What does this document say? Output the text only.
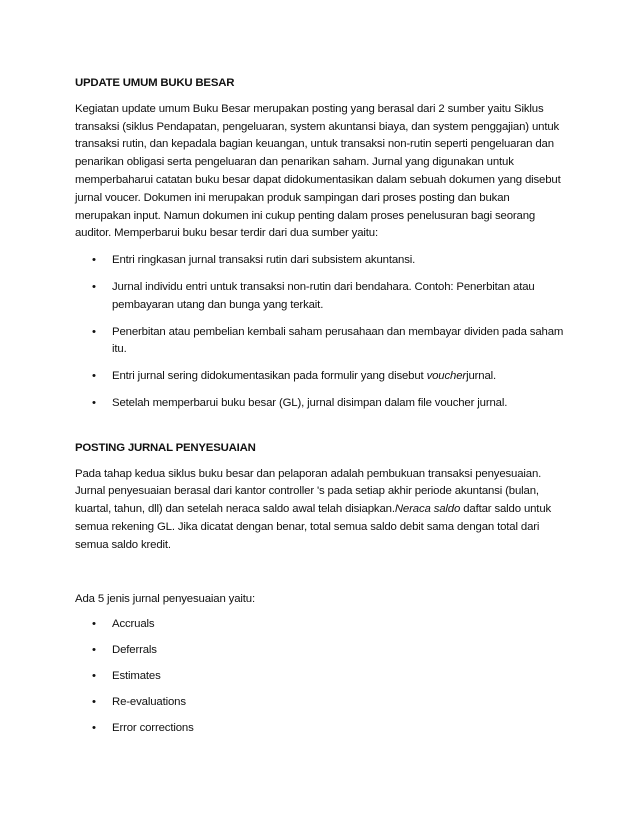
UPDATE UMUM BUKU BESAR

Kegiatan update umum Buku Besar merupakan posting yang berasal dari 2 sumber yaitu Siklus transaksi (siklus Pendapatan, pengeluaran, system akuntansi biaya, dan system penggajian) untuk transaksi rutin, dan kepadala bagian keuangan, untuk transaksi non-rutin seperti pengeluaran dan penarikan obligasi serta pengeluaran dan penarikan saham. Jurnal yang digunakan untuk memperbaharui catatan buku besar dapat didokumentasikan dalam sebuah dokumen yang disebut jurnal voucer. Dokumen ini merupakan produk sampingan dari proses posting dan bukan merupakan input. Namun dokumen ini cukup penting dalam proses penelusuran bagi seorang auditor. Memperbarui buku besar terdir dari dua sumber yaitu:

• Entri ringkasan jurnal transaksi rutin dari subsistem akuntansi.
• Jurnal individu entri untuk transaksi non-rutin dari bendahara. Contoh: Penerbitan atau pembayaran utang dan bunga yang terkait.
• Penerbitan atau pembelian kembali saham perusahaan dan membayar dividen pada saham itu.
• Entri jurnal sering didokumentasikan pada formulir yang disebut voucherjurnal.
• Setelah memperbarui buku besar (GL), jurnal disimpan dalam file voucher jurnal.
POSTING JURNAL PENYESUAIAN

Pada tahap kedua siklus buku besar dan pelaporan adalah pembukuan transaksi penyesuaian. Jurnal penyesuaian berasal dari kantor controller 's pada setiap akhir periode akuntansi (bulan, kuartal, tahun, dll) dan setelah neraca saldo awal telah disiapkan.Neraca saldo daftar saldo untuk semua rekening GL. Jika dicatat dengan benar, total semua saldo debit sama dengan total dari semua saldo kredit.

Ada 5 jenis jurnal penyesuaian yaitu:

• Accruals
• Deferrals
• Estimates
• Re-evaluations
• Error corrections
